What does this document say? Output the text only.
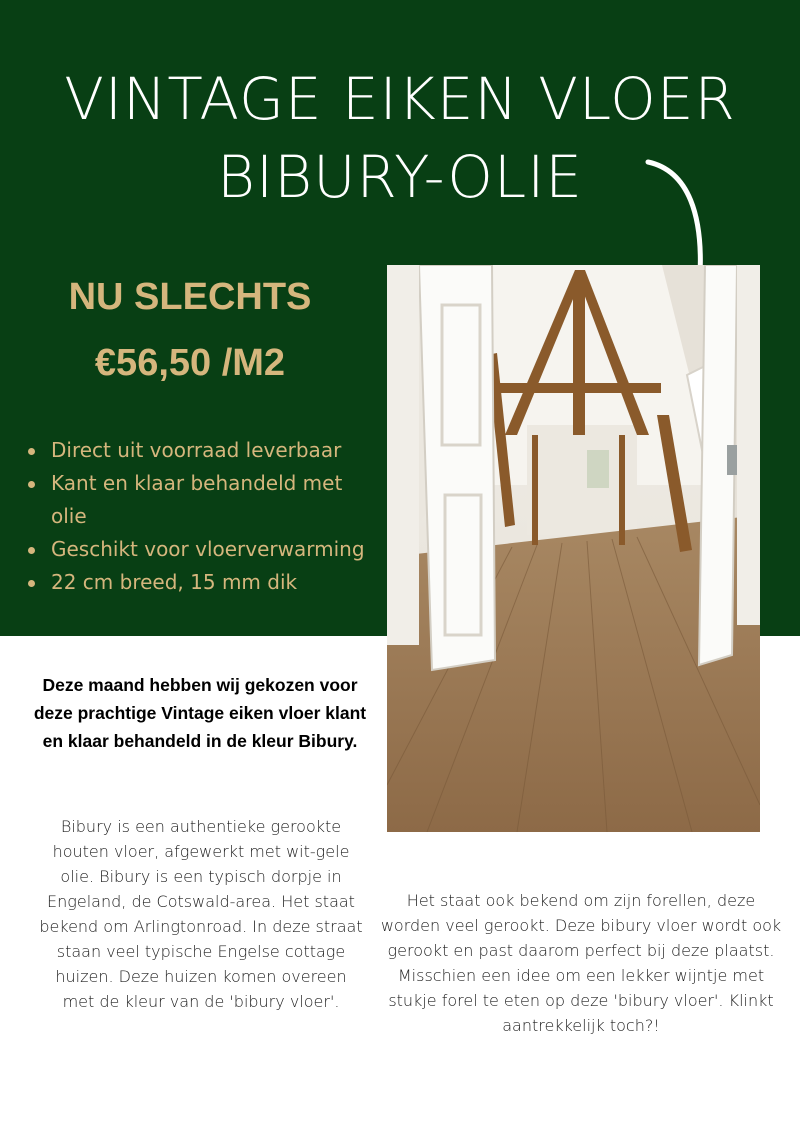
VINTAGE EIKEN VLOER
BIBURY-OLIE
NU SLECHTS
€56,50 /M2
Direct uit voorraad leverbaar
Kant en klaar behandeld met olie
Geschikt voor vloerverwarming
22 cm breed, 15 mm dik

Deze maand hebben wij gekozen voor deze prachtige Vintage eiken vloer klant en klaar behandeld in de kleur Bibury.

Bibury is een authentieke gerookte houten vloer, afgewerkt met wit-gele olie. Bibury is een typisch dorpje in Engeland, de Cotswald-area. Het staat bekend om Arlingtonroad. In deze straat staan veel typische Engelse cottage huizen. Deze huizen komen overeen met de kleur van de 'bibury vloer'.

Het staat ook bekend om zijn forellen, deze worden veel gerookt. Deze bibury vloer wordt ook gerookt en past daarom perfect bij deze plaatst. Misschien een idee om een lekker wijntje met stukje forel te eten op deze 'bibury vloer'. Klinkt aantrekkelijk toch?!
